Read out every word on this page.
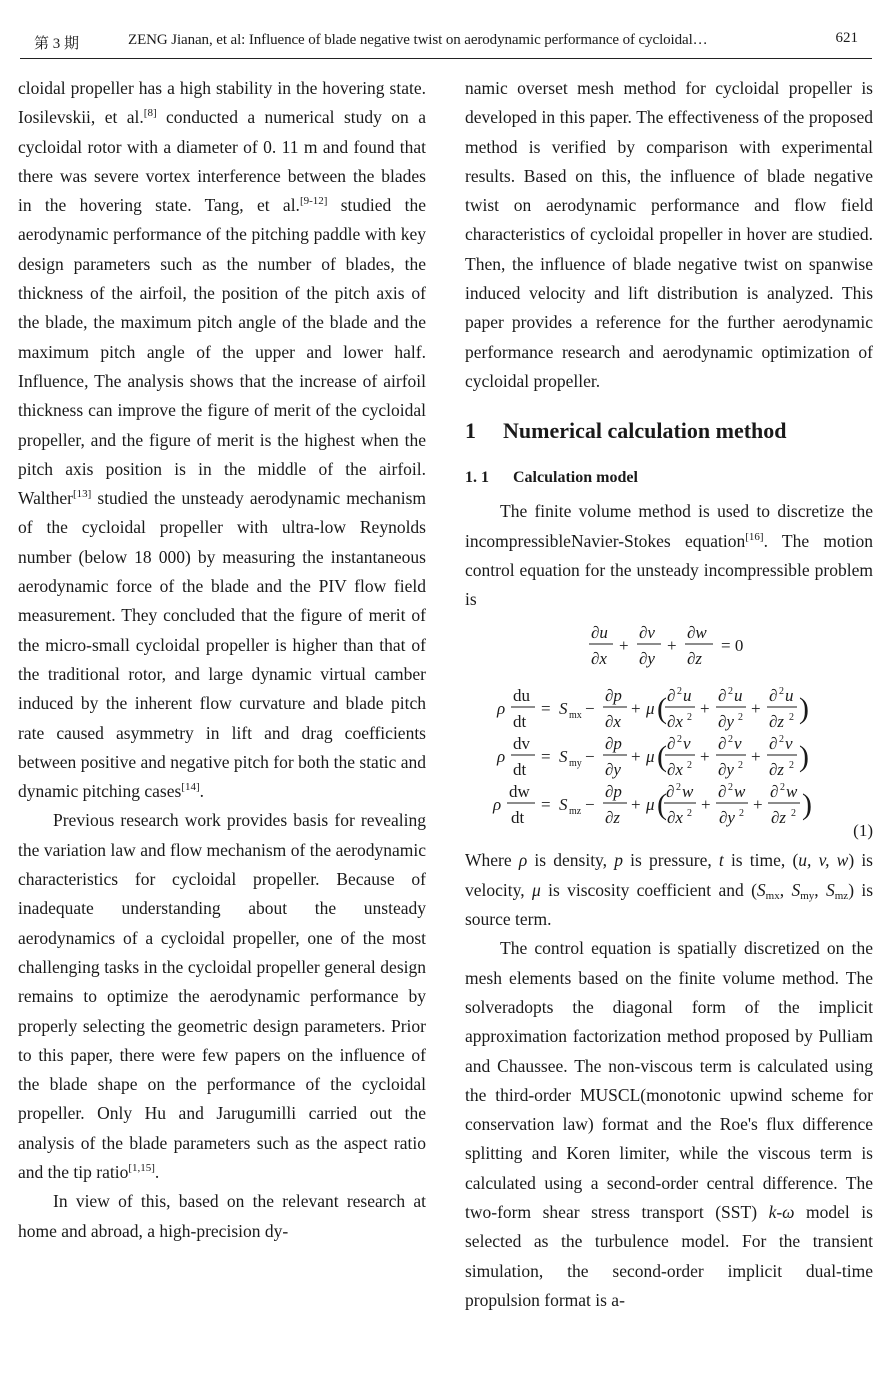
第 3 期	ZENG Jianan, et al: Influence of blade negative twist on aerodynamic performance of cycloidal…	621

cloidal propeller has a high stability in the hovering state. Iosilevskii, et al.[8] conducted a numerical study on a cycloidal rotor with a diameter of 0. 11 m and found that there was severe vortex interference between the blades in the hovering state. Tang, et al.[9-12] studied the aerodynamic performance of the pitching paddle with key design parameters such as the number of blades, the thickness of the airfoil, the position of the pitch axis of the blade, the maximum pitch angle of the blade and the maximum pitch angle of the upper and lower half. Influence, The analysis shows that the increase of airfoil thickness can improve the figure of merit of the cycloidal propeller, and the figure of merit is the highest when the pitch axis position is in the middle of the airfoil. Walther[13] studied the unsteady aerodynamic mechanism of the cycloidal propeller with ultra-low Reynolds number (below 18 000) by measuring the instantaneous aerodynamic force of the blade and the PIV flow field measurement. They concluded that the figure of merit of the micro-small cycloidal propeller is higher than that of the traditional rotor, and large dynamic virtual camber induced by the inherent flow curvature and blade pitch rate caused asymmetry in lift and drag coefficients between positive and negative pitch for both the static and dynamic pitching cases[14].

Previous research work provides basis for revealing the variation law and flow mechanism of the aerodynamic characteristics for cycloidal propeller. Because of inadequate understanding about the unsteady aerodynamics of a cycloidal propeller, one of the most challenging tasks in the cycloidal propeller general design remains to optimize the aerodynamic performance by properly selecting the geometric design parameters. Prior to this paper, there were few papers on the influence of the blade shape on the performance of the cycloidal propeller. Only Hu and Jarugumilli carried out the analysis of the blade parameters such as the aspect ratio and the tip ratio[1,15].

In view of this, based on the relevant research at home and abroad, a high-precision dy-

namic overset mesh method for cycloidal propeller is developed in this paper. The effectiveness of the proposed method is verified by comparison with experimental results. Based on this, the influence of blade negative twist on aerodynamic performance and flow field characteristics of cycloidal propeller in hover are studied. Then, the influence of blade negative twist on spanwise induced velocity and lift distribution is analyzed. This paper provides a reference for the further aerodynamic performance research and aerodynamic optimization of cycloidal propeller.

1 Numerical calculation method
1. 1 Calculation model

The finite volume method is used to discretize the incompressibleNavier-Stokes equation[16]. The motion control equation for the unsteady incompressible problem is

∂u
∂x
+
∂v
∂y
+
∂w
∂z
= 0
ρ
du
dt
= S mx −
∂p
∂x
+ μ ( ∂ 2 u
∂x 2 +
∂ 2 u
∂y 2 +
∂ 2 u
∂z 2 )
ρ
dv
dt
= S my −
∂p
∂y
+ μ ( ∂ 2 v
∂x 2 +
∂ 2 v
∂y 2 +
∂ 2 v
∂z 2 )
ρ
dw
dt
= S mz −
∂p
∂z
+ μ ( ∂ 2 w
∂x 2 +
∂ 2 w
∂y 2 +
∂ 2 w
∂z 2 )
(1)

Where ρ is density, p is pressure, t is time, (u, v, w) is velocity, μ is viscosity coefficient and ($S_{mx}$, $S_{my}$, $S_{mz}$) is source term.

The control equation is spatially discretized on the mesh elements based on the finite volume method. The solveradopts the diagonal form of the implicit approximation factorization method proposed by Pulliam and Chaussee. The non-viscous term is calculated using the third-order MUSCL(monotonic upwind scheme for conservation law) format and the Roe's flux difference splitting and Koren limiter, while the viscous term is calculated using a second-order central difference. The two-form shear stress transport (SST) k-ω model is selected as the turbulence model. For the transient simulation, the second-order implicit dual-time propulsion format is a-
